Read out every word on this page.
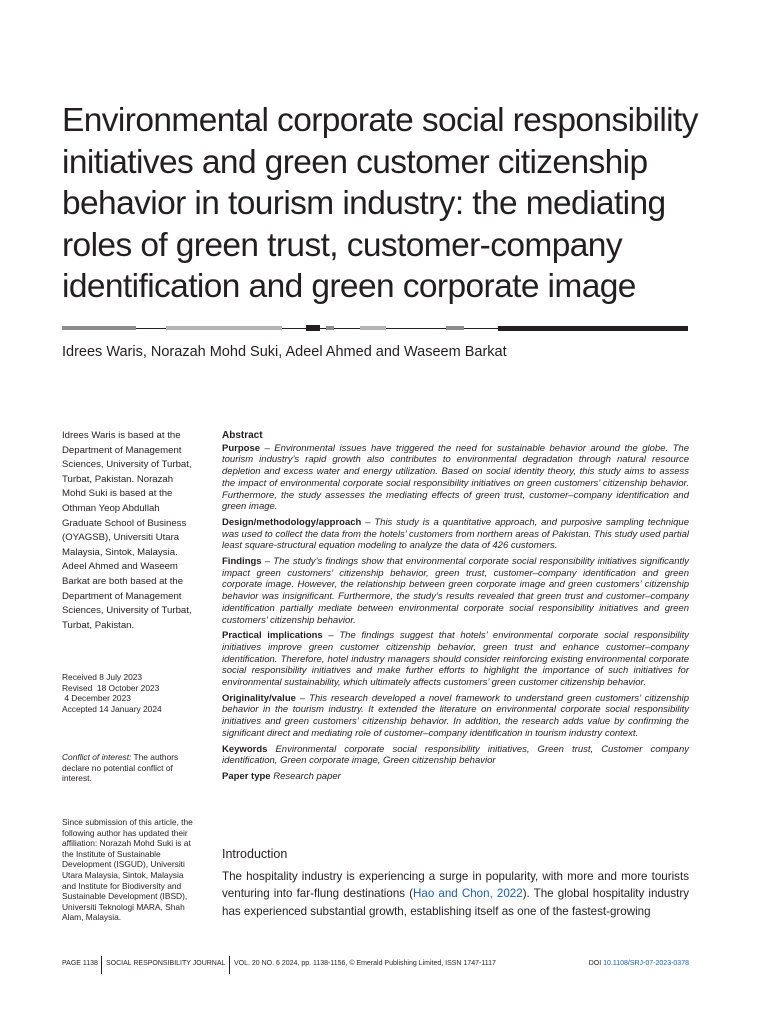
Environmental corporate social responsibility initiatives and green customer citizenship behavior in tourism industry: the mediating roles of green trust, customer-company identification and green corporate image
Idrees Waris, Norazah Mohd Suki, Adeel Ahmed and Waseem Barkat

Idrees Waris is based at the Department of Management Sciences, University of Turbat, Turbat, Pakistan. Norazah Mohd Suki is based at the Othman Yeop Abdullah Graduate School of Business (OYAGSB), Universiti Utara Malaysia, Sintok, Malaysia. Adeel Ahmed and Waseem Barkat are both based at the Department of Management Sciences, University of Turbat, Turbat, Pakistan.

Received 8 July 2023
Revised  18 October 2023
4 December 2023
Accepted 14 January 2024
Conflict of interest: The authors declare no potential conflict of interest.
Since submission of this article, the following author has updated their affiliation: Norazah Mohd Suki is at the Institute of Sustainable Development (ISGUD), Universiti Utara Malaysia, Sintok, Malaysia and Institute for Biodiversity and Sustainable Development (IBSD), Universiti Teknologi MARA, Shah Alam, Malaysia.
Abstract

Purpose – Environmental issues have triggered the need for sustainable behavior around the globe. The tourism industry’s rapid growth also contributes to environmental degradation through natural resource depletion and excess water and energy utilization. Based on social identity theory, this study aims to assess the impact of environmental corporate social responsibility initiatives on green customers’ citizenship behavior. Furthermore, the study assesses the mediating effects of green trust, customer–company identification and green image.

Design/methodology/approach – This study is a quantitative approach, and purposive sampling technique was used to collect the data from the hotels’ customers from northern areas of Pakistan. This study used partial least square-structural equation modeling to analyze the data of 426 customers.

Findings – The study’s findings show that environmental corporate social responsibility initiatives significantly impact green customers’ citizenship behavior, green trust, customer–company identification and green corporate image. However, the relationship between green corporate image and green customers’ citizenship behavior was insignificant. Furthermore, the study’s results revealed that green trust and customer–company identification partially mediate between environmental corporate social responsibility initiatives and green customers’ citizenship behavior.

Practical implications – The findings suggest that hotels’ environmental corporate social responsibility initiatives improve green customer citizenship behavior, green trust and enhance customer–company identification. Therefore, hotel industry managers should consider reinforcing existing environmental corporate social responsibility initiatives and make further efforts to highlight the importance of such initiatives for environmental sustainability, which ultimately affects customers’ green customer citizenship behavior.

Originality/value – This research developed a novel framework to understand green customers’ citizenship behavior in the tourism industry. It extended the literature on environmental corporate social responsibility initiatives and green customers’ citizenship behavior. In addition, the research adds value by confirming the significant direct and mediating role of customer–company identification in tourism industry context.

Keywords Environmental corporate social responsibility initiatives, Green trust, Customer company identification, Green corporate image, Green citizenship behavior

Paper type Research paper

Introduction

The hospitality industry is experiencing a surge in popularity, with more and more tourists venturing into far-flung destinations (Hao and Chon, 2022). The global hospitality industry has experienced substantial growth, establishing itself as one of the fastest-growing

PAGE 1138 SOCIAL RESPONSIBILITY JOURNAL VOL. 20 NO. 6 2024, pp. 1138-1156, © Emerald Publishing Limited, ISSN 1747-1117	DOI 10.1108/SRJ-07-2023-0378
